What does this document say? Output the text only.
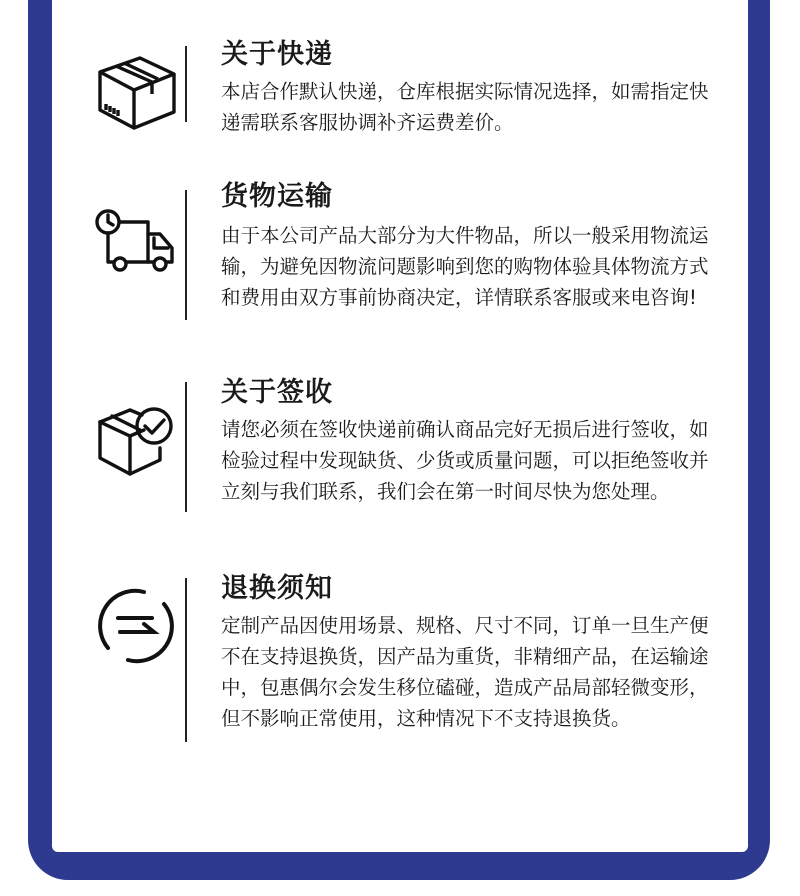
关于快递
本店合作默认快递，仓库根据实际情况选择，如需指定快递需联系客服协调补齐运费差价。
货物运输
由于本公司产品大部分为大件物品，所以一般采用物流运输，为避免因物流问题影响到您的购物体验具体物流方式和费用由双方事前协商决定，详情联系客服或来电咨询!
关于签收
请您必须在签收快递前确认商品完好无损后进行签收，如检验过程中发现缺货、少货或质量问题，可以拒绝签收并立刻与我们联系，我们会在第一时间尽快为您处理。
退换须知
定制产品因使用场景、规格、尺寸不同，订单一旦生产便不在支持退换货，因产品为重货，非精细产品，在运输途中，包惠偶尔会发生移位磕碰，造成产品局部轻微变形，但不影响正常使用，这种情况下不支持退换货。
